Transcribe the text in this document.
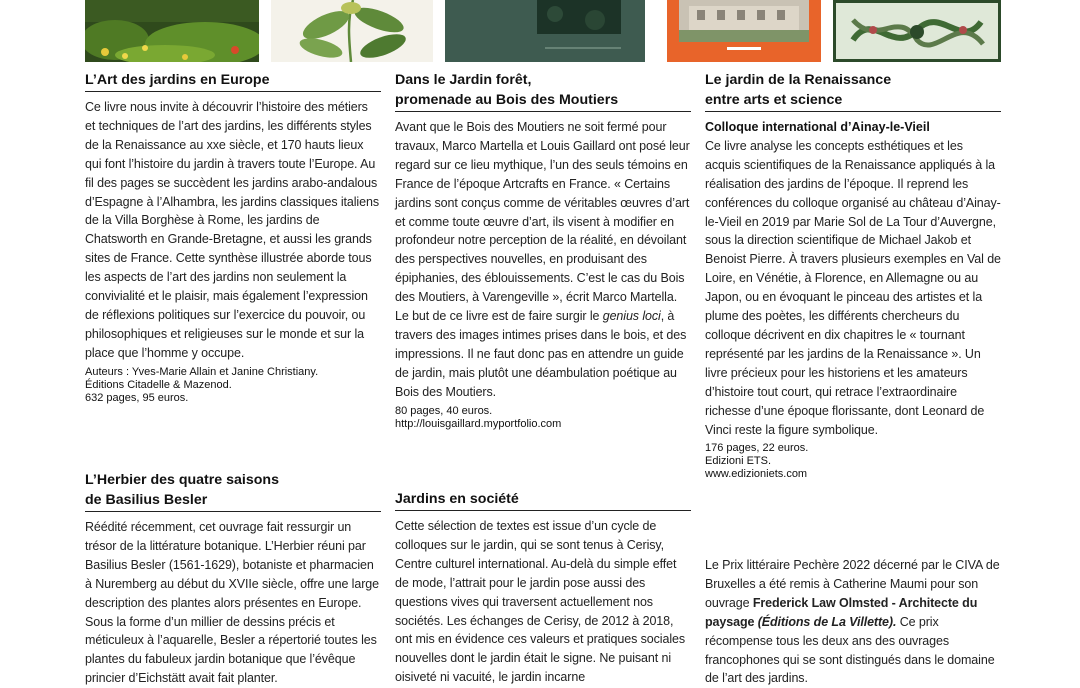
L’Art des jardins en Europe
Ce livre nous invite à découvrir l’histoire des métiers et techniques de l’art des jardins, les différents styles de la Renaissance au xxe siècle, et 170 hauts lieux qui font l’histoire du jardin à travers toute l’Europe. Au fil des pages se succèdent les jardins arabo-andalous d’Espagne à l’Alhambra, les jardins classiques italiens de la Villa Borghèse à Rome, les jardins de Chatsworth en Grande-Bretagne, et aussi les grands sites de France. Cette synthèse illustrée aborde tous les aspects de l’art des jardins non seulement la convivialité et le plaisir, mais également l’expression de réflexions politiques sur l’exercice du pouvoir, ou philosophiques et religieuses sur le monde et sur la place que l’homme y occupe.
Auteurs : Yves-Marie Allain et Janine Christiany.
Éditions Citadelle & Mazenod.
632 pages, 95 euros.
L’Herbier des quatre saisons
de Basilius Besler
Réédité récemment, cet ouvrage fait ressurgir un trésor de la littérature botanique. L’Herbier réuni par Basilius Besler (1561-1629), botaniste et pharmacien à Nuremberg au début du XVIIe siècle, offre une large description des plantes alors présentes en Europe. Sous la forme d’un millier de dessins précis et méticuleux à l’aquarelle, Besler a répertorié toutes les plantes du fabuleux jardin botanique que l’évêque princier d’Eichstätt avait fait planter.
Dans le Jardin forêt,
promenade au Bois des Moutiers
Avant que le Bois des Moutiers ne soit fermé pour travaux, Marco Martella et Louis Gaillard ont posé leur regard sur ce lieu mythique, l’un des seuls témoins en France de l’époque Artcrafts en France. « Certains jardins sont conçus comme de véritables œuvres d’art et comme toute œuvre d’art, ils visent à modifier en profondeur notre perception de la réalité, en dévoilant des perspectives nouvelles, en produisant des épiphanies, des éblouissements. C’est le cas du Bois des Moutiers, à Varengeville », écrit Marco Martella. Le but de ce livre est de faire surgir le genius loci, à travers des images intimes prises dans le bois, et des impressions. Il ne faut donc pas en attendre un guide de jardin, mais plutôt une déambulation poétique au Bois des Moutiers.
80 pages, 40 euros.
http://louisgaillard.myportfolio.com
Jardins en société
Cette sélection de textes est issue d’un cycle de colloques sur le jardin, qui se sont tenus à Cerisy, Centre culturel international. Au-delà du simple effet de mode, l’attrait pour le jardin pose aussi des questions vives qui traversent actuellement nos sociétés. Les échanges de Cerisy, de 2012 à 2018, ont mis en évidence ces valeurs et pratiques sociales nouvelles dont le jardin était le signe. Ne puisant ni oisiveté ni vacuité, le jardin incarne
Le jardin de la Renaissance
entre arts et science
Colloque international d’Ainay-le-Vieil
Ce livre analyse les concepts esthétiques et les acquis scientifiques de la Renaissance appliqués à la réalisation des jardins de l’époque. Il reprend les conférences du colloque organisé au château d’Ainay-le-Vieil en 2019 par Marie Sol de La Tour d’Auvergne, sous la direction scientifique de Michael Jakob et Benoist Pierre. À travers plusieurs exemples en Val de Loire, en Vénétie, à Florence, en Allemagne ou au Japon, ou en évoquant le pinceau des artistes et la plume des poètes, les différents chercheurs du colloque décrivent en dix chapitres le « tournant représenté par les jardins de la Renaissance ». Un livre précieux pour les historiens et les amateurs d’histoire tout court, qui retrace l’extraordinaire richesse d’une époque florissante, dont Leonard de Vinci reste la figure symbolique.
176 pages, 22 euros.
Edizioni ETS.
www.edizioniets.com
Le Prix littéraire Pechère 2022 décerné par le CIVA de Bruxelles a été remis à Catherine Maumi pour son ouvrage Frederick Law Olmsted - Architecte du paysage (Éditions de La Villette). Ce prix récompense tous les deux ans des ouvrages francophones qui se sont distingués dans le domaine de l’art des jardins.
